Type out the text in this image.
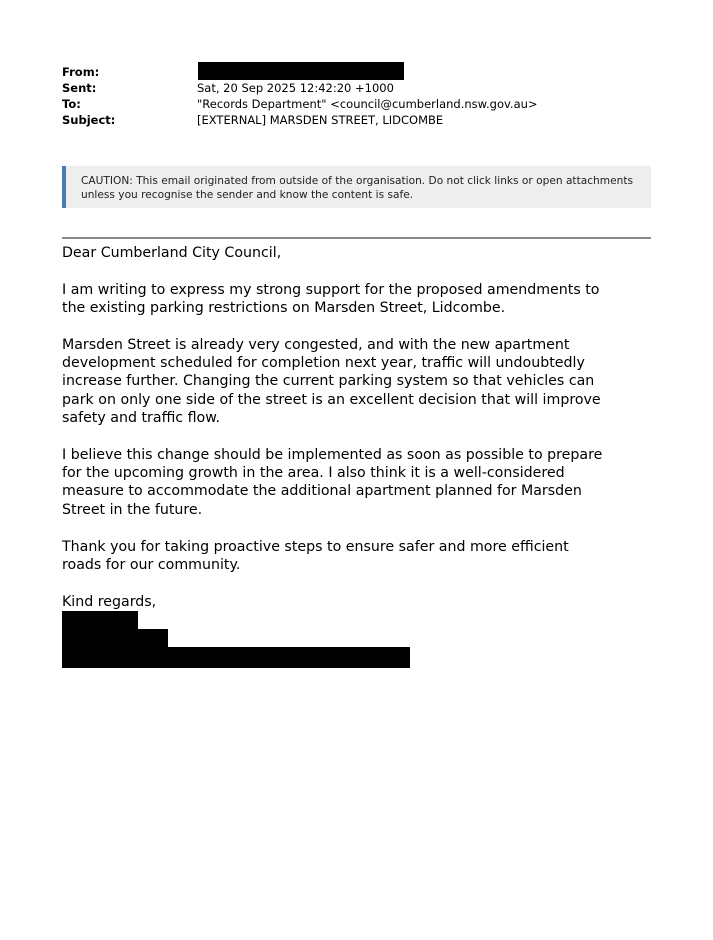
From:
Sent:	Sat, 20 Sep 2025 12:42:20 +1000
To:	"Records Department" <council@cumberland.nsw.gov.au>
Subject:	[EXTERNAL] MARSDEN STREET, LIDCOMBE
CAUTION: This email originated from outside of the organisation. Do not click links or open attachments unless you recognise the sender and know the content is safe.
Dear Cumberland City Council,
I am writing to express my strong support for the proposed amendments to
the existing parking restrictions on Marsden Street, Lidcombe.
Marsden Street is already very congested, and with the new apartment
development scheduled for completion next year, traffic will undoubtedly
increase further. Changing the current parking system so that vehicles can
park on only one side of the street is an excellent decision that will improve
safety and traffic flow.
I believe this change should be implemented as soon as possible to prepare
for the upcoming growth in the area. I also think it is a well-considered
measure to accommodate the additional apartment planned for Marsden
Street in the future.
Thank you for taking proactive steps to ensure safer and more efficient
roads for our community.
Kind regards,
